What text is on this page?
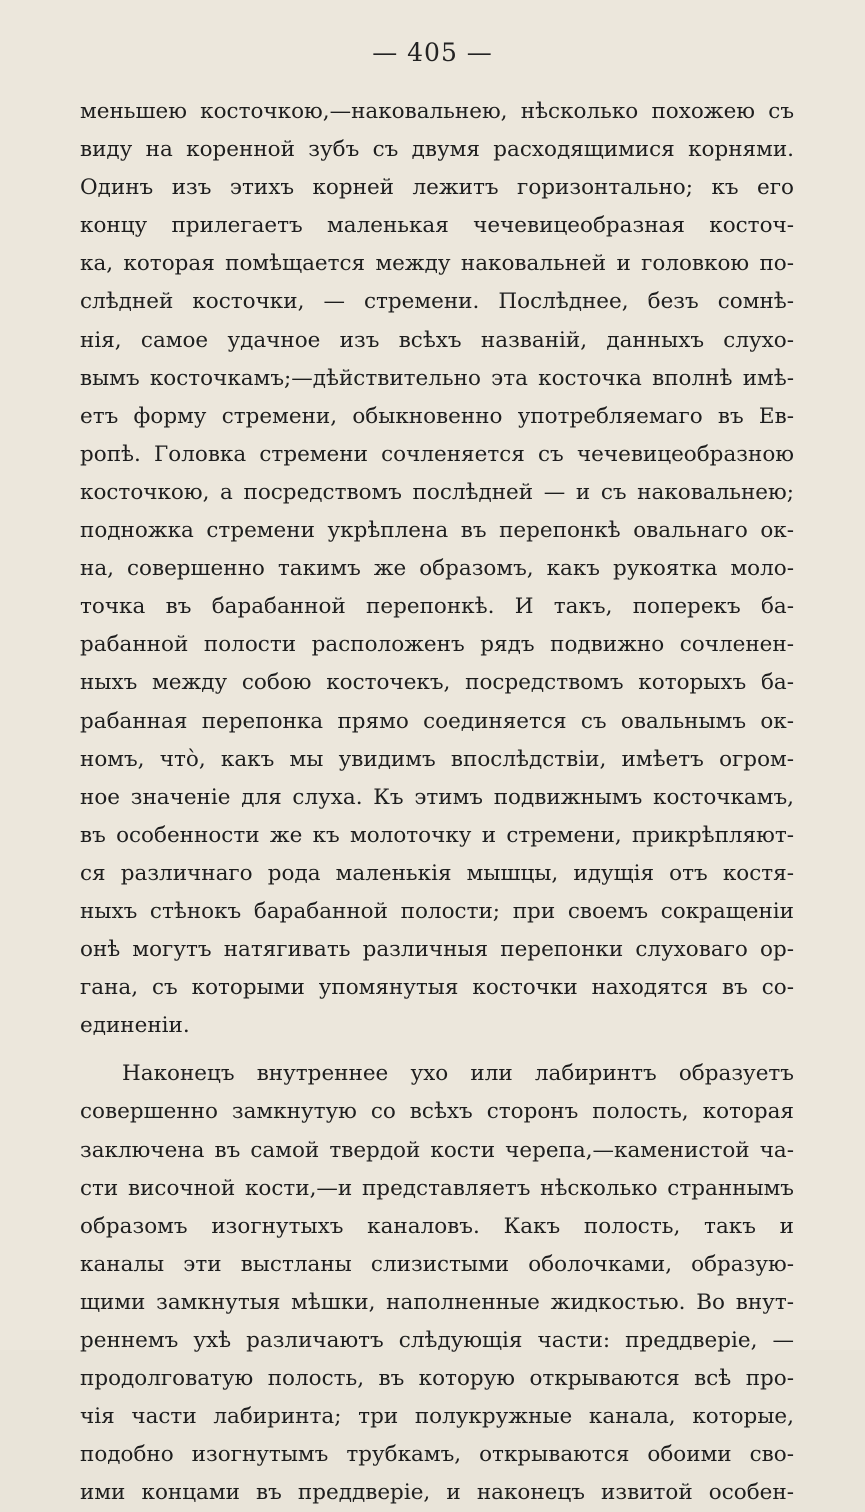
— 405 —
меньшею косточкою,—наковальнею, нѣсколько похожею съ
виду на коренной зубъ съ двумя расходящимися корнями.
Одинъ изъ этихъ корней лежитъ горизонтально; къ его
концу прилегаетъ маленькая чечевицеобразная косточ-
ка, которая помѣщается между наковальней и головкою по-
слѣдней косточки, — стремени. Послѣднее, безъ сомнѣ-
нія, самое удачное изъ всѣхъ названій, данныхъ слухо-
вымъ косточкамъ;—дѣйствительно эта косточка вполнѣ имѣ-
етъ форму стремени, обыкновенно употребляемаго въ Ев-
ропѣ. Головка стремени сочленяется съ чечевицеобразною
косточкою, а посредствомъ послѣдней — и съ наковальнею;
подножка стремени укрѣплена въ перепонкѣ овальнаго ок-
на, совершенно такимъ же образомъ, какъ рукоятка моло-
точка въ барабанной перепонкѣ. И такъ, поперекъ ба-
рабанной полости расположенъ рядъ подвижно сочленен-
ныхъ между собою косточекъ, посредствомъ которыхъ ба-
рабанная перепонка прямо соединяется съ овальнымъ ок-
номъ, что̀, какъ мы увидимъ впослѣдствіи, имѣетъ огром-
ное значеніе для слуха. Къ этимъ подвижнымъ косточкамъ,
въ особенности же къ молоточку и стремени, прикрѣпляют-
ся различнаго рода маленькія мышцы, идущія отъ костя-
ныхъ стѣнокъ барабанной полости; при своемъ сокращеніи
онѣ могутъ натягивать различныя перепонки слуховаго ор-
гана, съ которыми упомянутыя косточки находятся въ со-
единеніи.
Наконецъ внутреннее ухо или лабиринтъ образуетъ
совершенно замкнутую со всѣхъ сторонъ полость, которая
заключена въ самой твердой кости черепа,—каменистой ча-
сти височной кости,—и представляетъ нѣсколько страннымъ
образомъ изогнутыхъ каналовъ. Какъ полость, такъ и
каналы эти выстланы слизистыми оболочками, образую-
щими замкнутыя мѣшки, наполненные жидкостью. Во внут-
реннемъ ухѣ различаютъ слѣдующія части: преддверіе, —
продолговатую полость, въ которую открываются всѣ про-
чія части лабиринта; три полукружные канала, которые,
подобно изогнутымъ трубкамъ, открываются обоими сво-
ими концами въ преддверіе, и наконецъ извитой особен-
